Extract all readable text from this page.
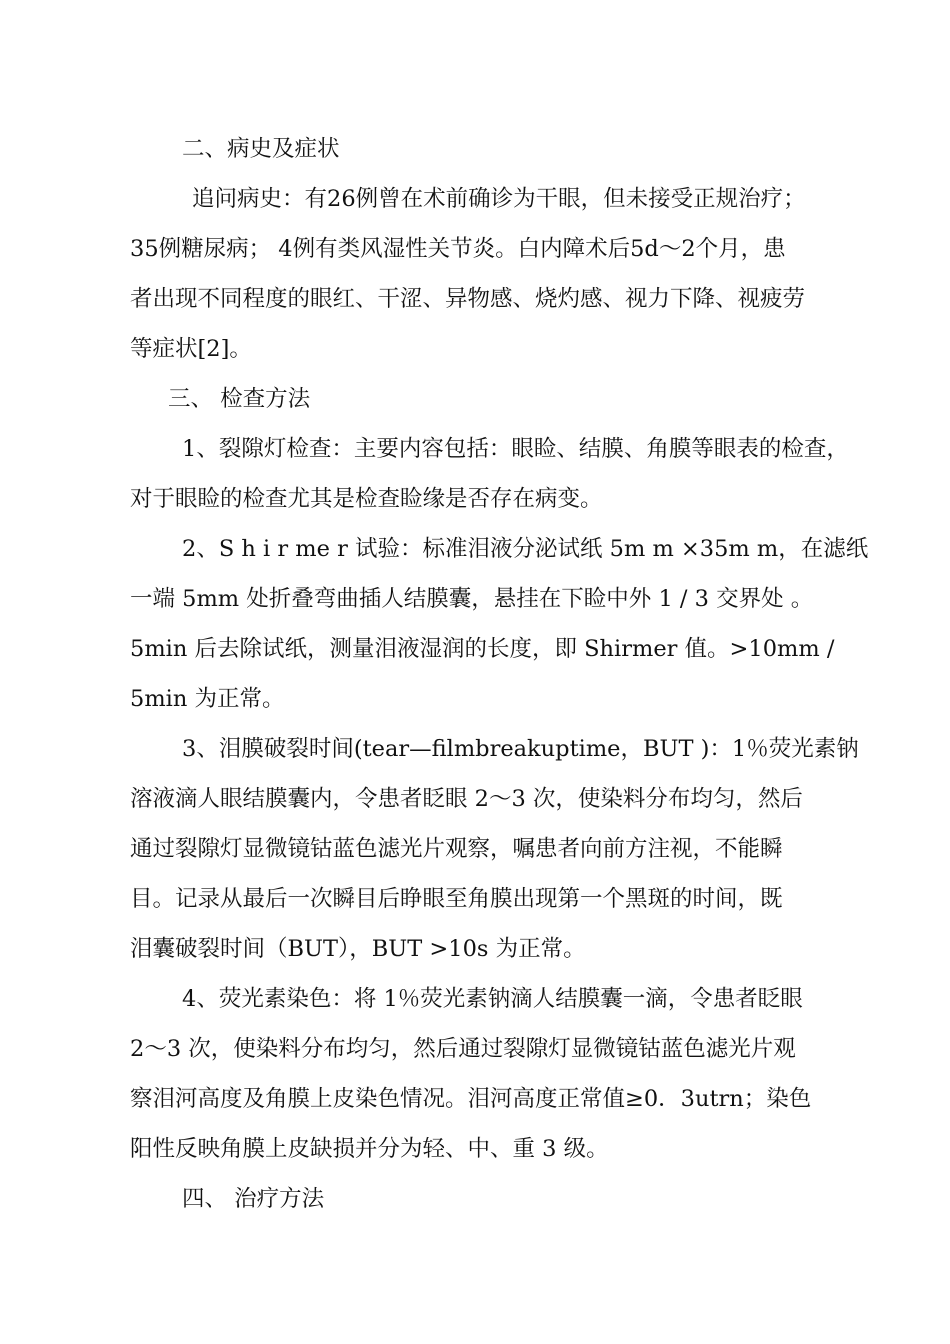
二、病史及症状
追问病史：有26例曾在术前确诊为干眼，但未接受正规治疗；
35例糖尿病； 4例有类风湿性关节炎。白内障术后5d～2个月，患
者出现不同程度的眼红、干涩、异物感、烧灼感、视力下降、视疲劳
等症状[2]。
三、 检查方法
1、裂隙灯检查：主要内容包括：眼睑、结膜、角膜等眼表的检查，
对于眼睑的检查尤其是检查睑缘是否存在病变。
2、S h i r me r 试验：标准泪液分泌试纸 5m m ×35m m，在滤纸
一端 5mm 处折叠弯曲插人结膜囊，悬挂在下睑中外 1 / 3 交界处 。
5min 后去除试纸，测量泪液湿润的长度，即 Shirmer 值。>10mm /
5min 为正常。
3、泪膜破裂时间(tear—filmbreakuptime，BUT )：1％荧光素钠
溶液滴人眼结膜囊内，令患者眨眼 2～3 次，使染料分布均匀，然后
通过裂隙灯显微镜钴蓝色滤光片观察，嘱患者向前方注视，不能瞬
目。记录从最后一次瞬目后睁眼至角膜出现第一个黑斑的时间，既
泪囊破裂时间（BUT），BUT >10s 为正常。
4、荧光素染色：将 1％荧光素钠滴人结膜囊一滴，令患者眨眼
2～3 次，使染料分布均匀，然后通过裂隙灯显微镜钴蓝色滤光片观
察泪河高度及角膜上皮染色情况。泪河高度正常值≥0．3utrn；染色
阳性反映角膜上皮缺损并分为轻、中、重 3 级。
四、 治疗方法
